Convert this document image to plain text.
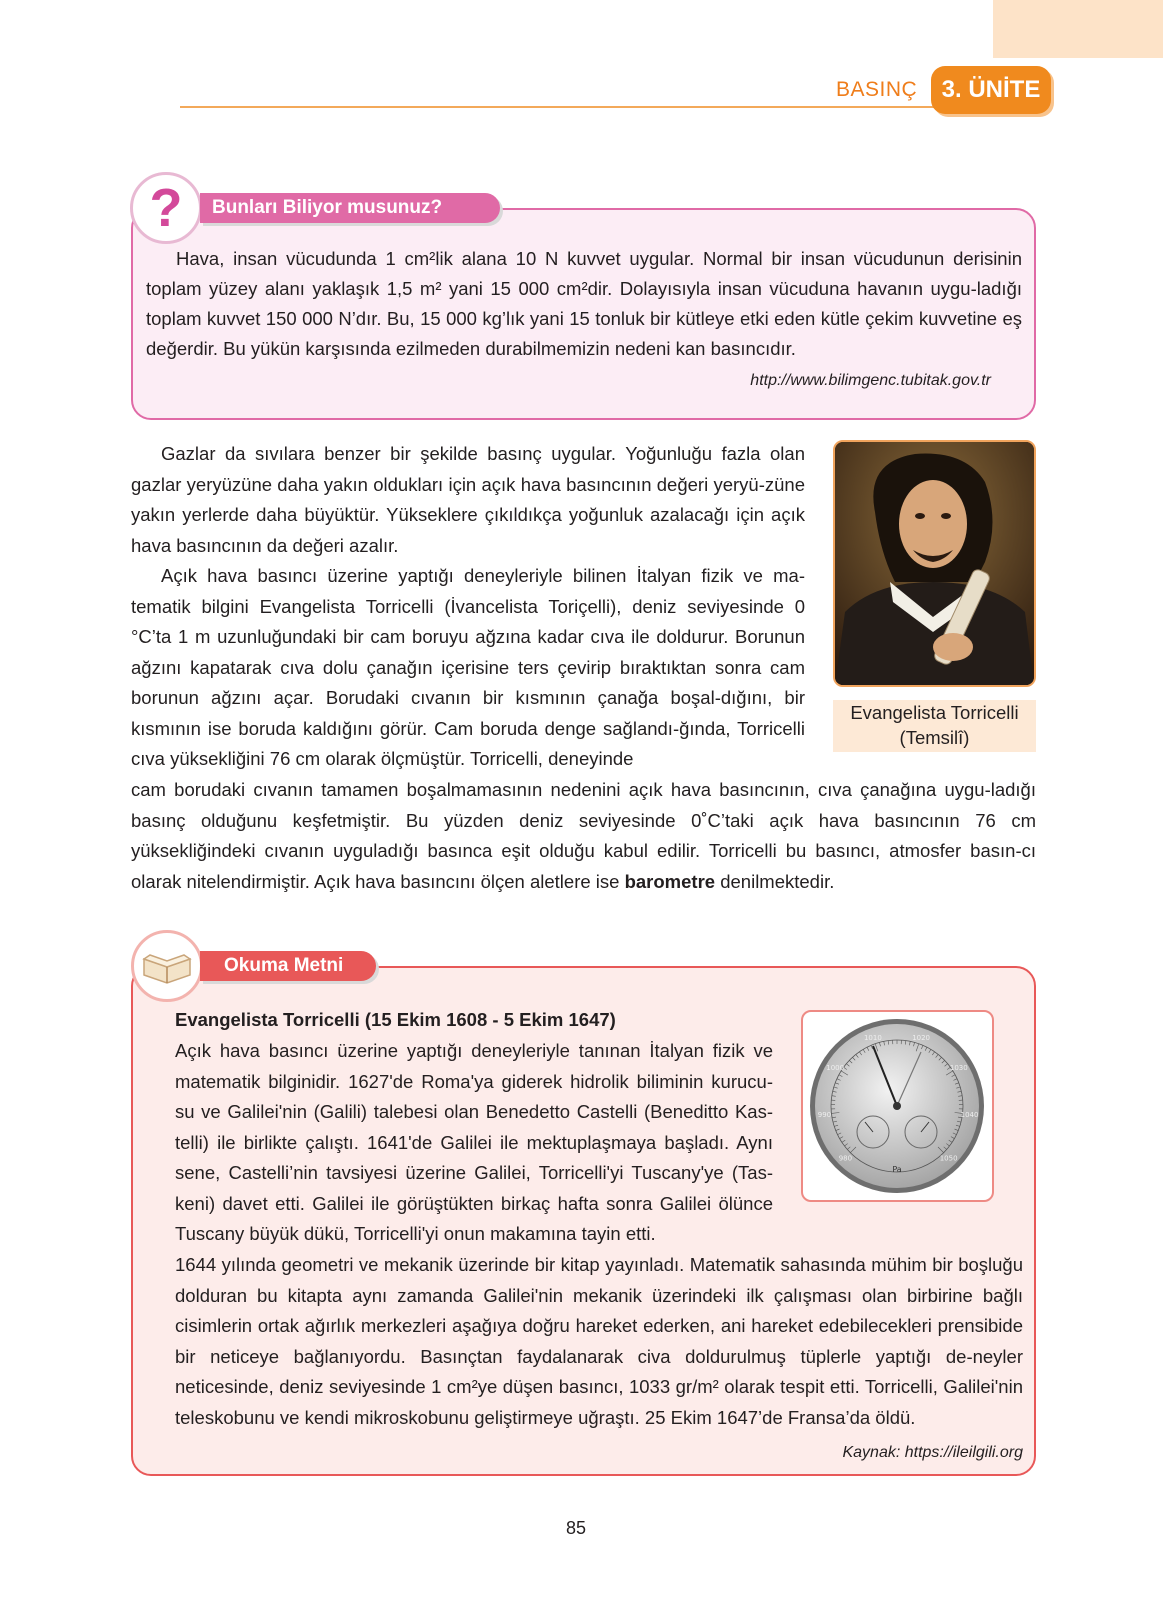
BASINÇ	3. ÜNİTE
?	Bunları Biliyor musunuz?

Hava, insan vücudunda 1 cm²lik alana 10 N kuvvet uygular. Normal bir insan vücudunun derisinin toplam yüzey alanı yaklaşık 1,5 m² yani 15 000 cm²dir. Dolayısıyla insan vücuduna havanın uygu-ladığı toplam kuvvet 150 000 N’dır. Bu, 15 000 kg’lık yani 15 tonluk bir kütleye etki eden kütle çekim kuvvetine eş değerdir. Bu yükün karşısında ezilmeden durabilmemizin nedeni kan basıncıdır.

http://www.bilimgenc.tubitak.gov.tr

Gazlar da sıvılara benzer bir şekilde basınç uygular. Yoğunluğu fazla olan gazlar yeryüzüne daha yakın oldukları için açık hava basıncının değeri yeryü-züne yakın yerlerde daha büyüktür. Yükseklere çıkıldıkça yoğunluk azalacağı için açık hava basıncının da değeri azalır.

Açık hava basıncı üzerine yaptığı deneyleriyle bilinen İtalyan fizik ve ma-tematik bilgini Evangelista Torricelli (İvancelista Toriçelli), deniz seviyesinde 0 °C’ta 1 m uzunluğundaki bir cam boruyu ağzına kadar cıva ile doldurur. Borunun ağzını kapatarak cıva dolu çanağın içerisine ters çevirip bıraktıktan sonra cam borunun ağzını açar. Borudaki cıvanın bir kısmının çanağa boşal-dığını, bir kısmının ise boruda kaldığını görür. Cam boruda denge sağlandı-ğında, Torricelli cıva yüksekliğini 76 cm olarak ölçmüştür. Torricelli, deneyinde

cam borudaki cıvanın tamamen boşalmamasının nedenini açık hava basıncının, cıva çanağına uygu-ladığı basınç olduğunu keşfetmiştir. Bu yüzden deniz seviyesinde 0˚C’taki açık hava basıncının 76 cm yüksekliğindeki cıvanın uyguladığı basınca eşit olduğu kabul edilir. Torricelli bu basıncı, atmosfer basın-cı olarak nitelendirmiştir. Açık hava basıncını ölçen aletlere ise barometre denilmektedir.

Evangelista Torricelli
(Temsilî)
Okuma Metni
Evangelista Torricelli (15 Ekim 1608 - 5 Ekim 1647)

Açık hava basıncı üzerine yaptığı deneyleriyle tanınan İtalyan fizik ve matematik bilginidir. 1627'de Roma'ya giderek hidrolik biliminin kurucu-su ve Galilei'nin (Galili) talebesi olan Benedetto Castelli (Beneditto Kas-telli) ile birlikte çalıştı. 1641'de Galilei ile mektuplaşmaya başladı. Aynı sene, Castelli’nin tavsiyesi üzerine Galilei, Torricelli'yi Tuscany'ye (Tas-keni) davet etti. Galilei ile görüştükten birkaç hafta sonra Galilei ölünce Tuscany büyük dükü, Torricelli'yi onun makamına tayin etti.

1644 yılında geometri ve mekanik üzerinde bir kitap yayınladı. Matematik sahasında mühim bir boşluğu dolduran bu kitapta aynı zamanda Galilei'nin mekanik üzerindeki ilk çalışması olan birbirine bağlı cisimlerin ortak ağırlık merkezleri aşağıya doğru hareket ederken, ani hareket edebilecekleri prensibide bir neticeye bağlanıyordu. Basınçtan faydalanarak civa doldurulmuş tüplerle yaptığı de-neyler neticesinde, deniz seviyesinde 1 cm²ye düşen basıncı, 1033 gr/m² olarak tespit etti. Torricelli, Galilei'nin teleskobunu ve kendi mikroskobunu geliştirmeye uğraştı. 25 Ekim 1647’de Fransa’da öldü.

Kaynak: https://ileilgili.org
980
990
1000
1010	1020
1030
1040
1050
Pa
85
